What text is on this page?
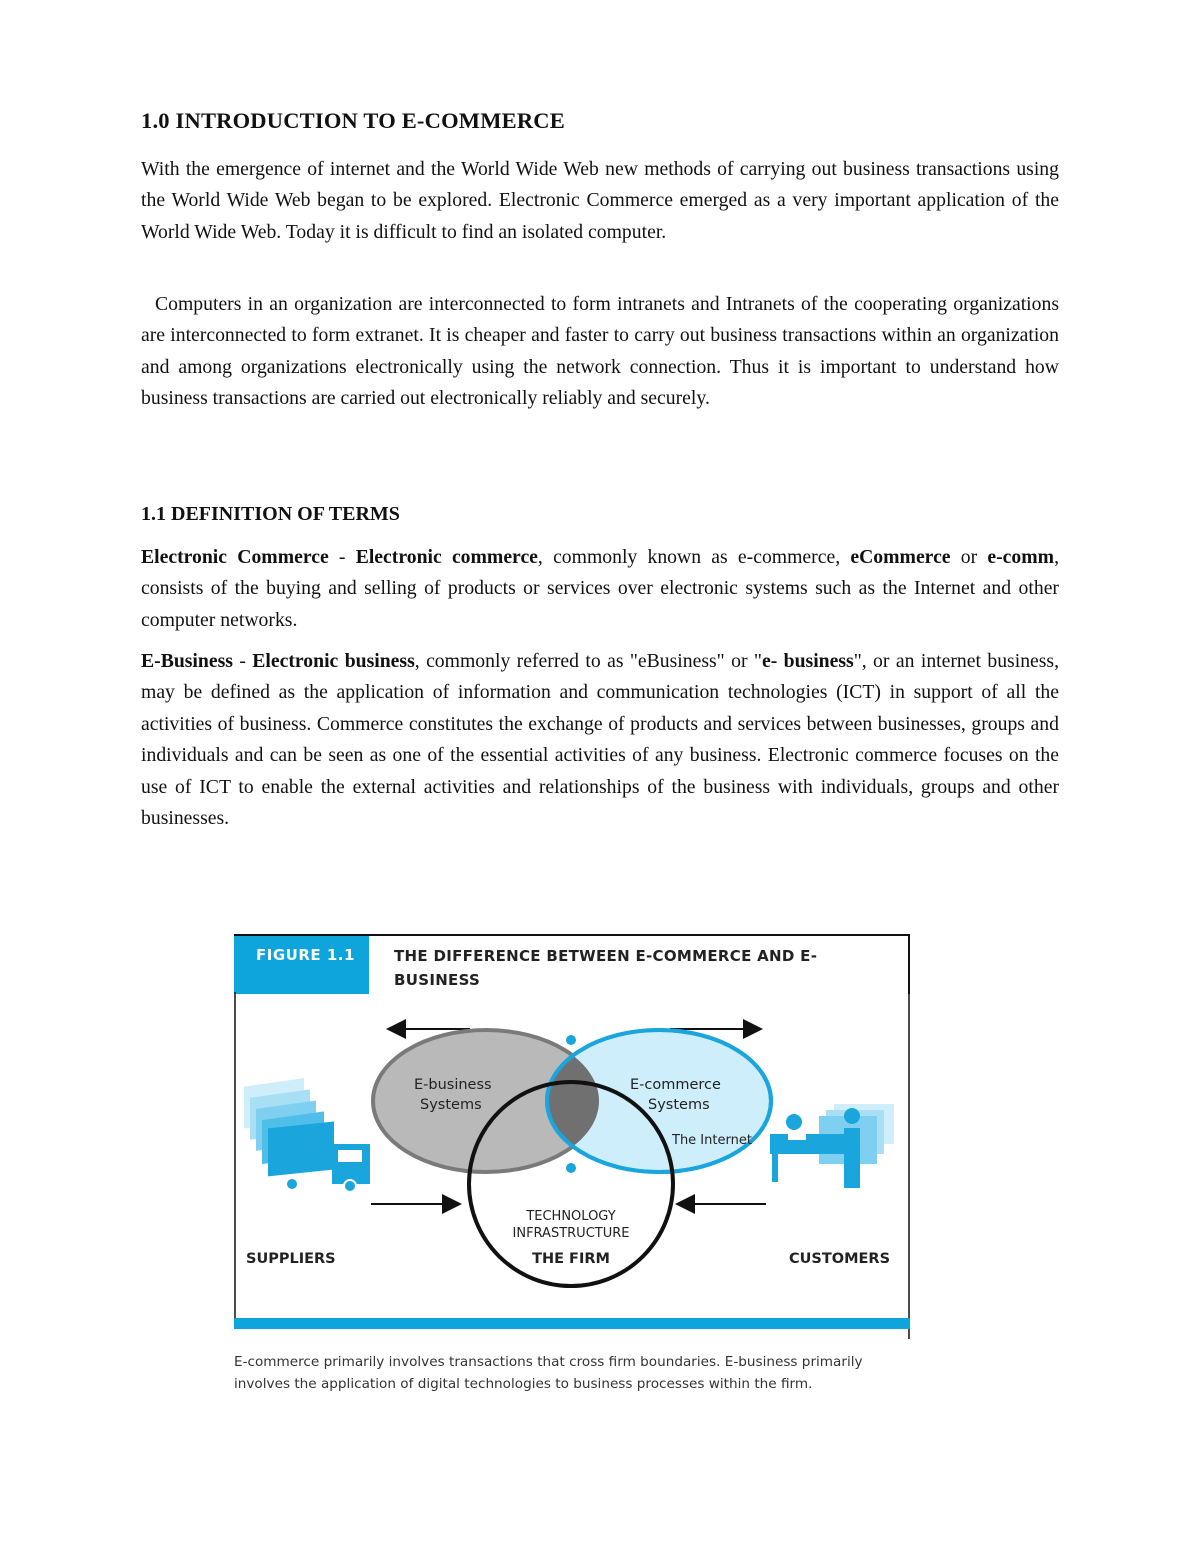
1.0 INTRODUCTION TO E-COMMERCE

With the emergence of internet and the World Wide Web new methods of carrying out business transactions using the World Wide Web began to be explored. Electronic Commerce emerged as a very important application of the World Wide Web. Today it is difficult to find an isolated computer.

Computers in an organization are interconnected to form intranets and Intranets of the cooperating organizations are interconnected to form extranet. It is cheaper and faster to carry out business transactions within an organization and among organizations electronically using the network connection. Thus it is important to understand how business transactions are carried out electronically reliably and securely.

1.1 DEFINITION OF TERMS

Electronic Commerce - Electronic commerce, commonly known as e-commerce, eCommerce or e-comm, consists of the buying and selling of products or services over electronic systems such as the Internet and other computer networks.

E-Business - Electronic business, commonly referred to as "eBusiness" or "e- business", or an internet business, may be defined as the application of information and communication technologies (ICT) in support of all the activities of business. Commerce constitutes the exchange of products and services between businesses, groups and individuals and can be seen as one of the essential activities of any business. Electronic commerce focuses on the use of ICT to enable the external activities and relationships of the business with individuals, groups and other businesses.

FIGURE 1.1	THE DIFFERENCE BETWEEN E-COMMERCE AND E-BUSINESS
E-business
Systems
E-commerce
Systems
The Internet
TECHNOLOGY
INFRASTRUCTURE
THE FIRM
SUPPLIERS	CUSTOMERS
E-commerce primarily involves transactions that cross firm boundaries. E-business primarily involves the application of digital technologies to business processes within the firm.
